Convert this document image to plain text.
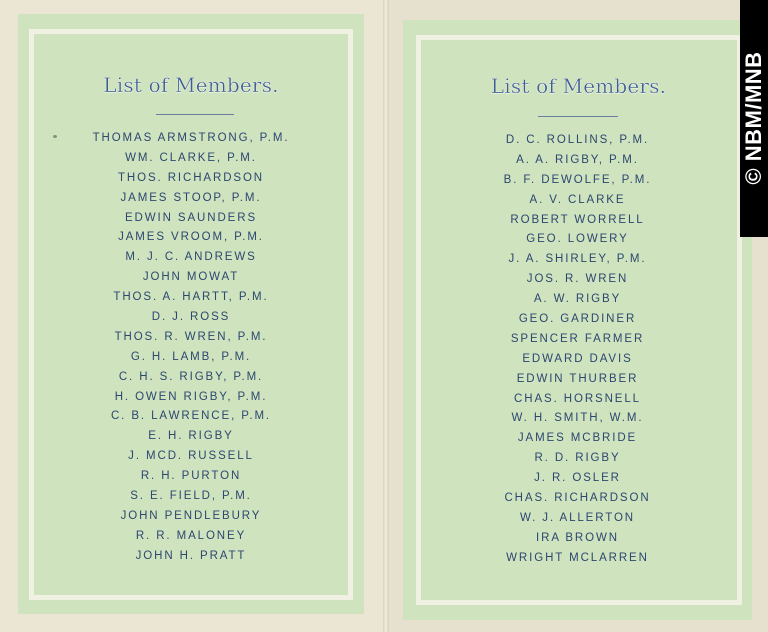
List of Members.
THOMAS ARMSTRONG, P.M.
WM. CLARKE, P.M.
THOS. RICHARDSON
JAMES STOOP, P.M.
EDWIN SAUNDERS
JAMES VROOM, P.M.
M. J. C. ANDREWS
JOHN MOWAT
THOS. A. HARTT, P.M.
D. J. ROSS
THOS. R. WREN, P.M.
G. H. LAMB, P.M.
C. H. S. RIGBY, P.M.
H. OWEN RIGBY, P.M.
C. B. LAWRENCE, P.M.
E. H. RIGBY
J. MCD. RUSSELL
R. H. PURTON
S. E. FIELD, P.M.
JOHN PENDLEBURY
R. R. MALONEY
JOHN H. PRATT
List of Members.
D. C. ROLLINS, P.M.
A. A. RIGBY, P.M.
B. F. DEWOLFE, P.M.
A. V. CLARKE
ROBERT WORRELL
GEO. LOWERY
J. A. SHIRLEY, P.M.
JOS. R. WREN
A. W. RIGBY
GEO. GARDINER
SPENCER FARMER
EDWARD DAVIS
EDWIN THURBER
CHAS. HORSNELL
W. H. SMITH, W.M.
JAMES MCBRIDE
R. D. RIGBY
J. R. OSLER
CHAS. RICHARDSON
W. J. ALLERTON
IRA BROWN
WRIGHT MCLARREN
© NBM/MNB
